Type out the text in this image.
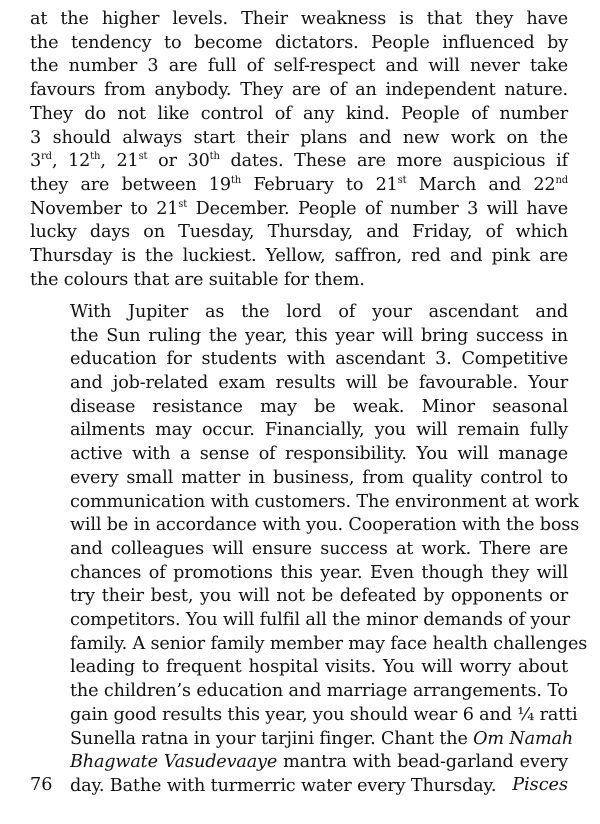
at the higher levels. Their weakness is that they have
the tendency to become dictators. People influenced by
the number 3 are full of self-respect and will never take
favours from anybody. They are of an independent nature.
They do not like control of any kind. People of number
3 should always start their plans and new work on the
3rd, 12th, 21st or 30th dates. These are more auspicious if
they are between 19th February to 21st March and 22nd
November to 21st December. People of number 3 will have
lucky days on Tuesday, Thursday, and Friday, of which
Thursday is the luckiest. Yellow, saffron, red and pink are
the colours that are suitable for them.

With Jupiter as the lord of your ascendant and
the Sun ruling the year, this year will bring success in
education for students with ascendant 3. Competitive
and job-related exam results will be favourable. Your
disease resistance may be weak. Minor seasonal
ailments may occur. Financially, you will remain fully
active with a sense of responsibility. You will manage
every small matter in business, from quality control to
communication with customers. The environment at work
will be in accordance with you. Cooperation with the boss
and colleagues will ensure success at work. There are
chances of promotions this year. Even though they will
try their best, you will not be defeated by opponents or
competitors. You will fulfil all the minor demands of your
family. A senior family member may face health challenges
leading to frequent hospital visits. You will worry about
the children’s education and marriage arrangements. To
gain good results this year, you should wear 6 and ¼ ratti
Sunella ratna in your tarjini finger. Chant the Om Namah
Bhagwate Vasudevaaye mantra with bead-garland every
day. Bathe with turmerric water every Thursday.

76	Pisces
